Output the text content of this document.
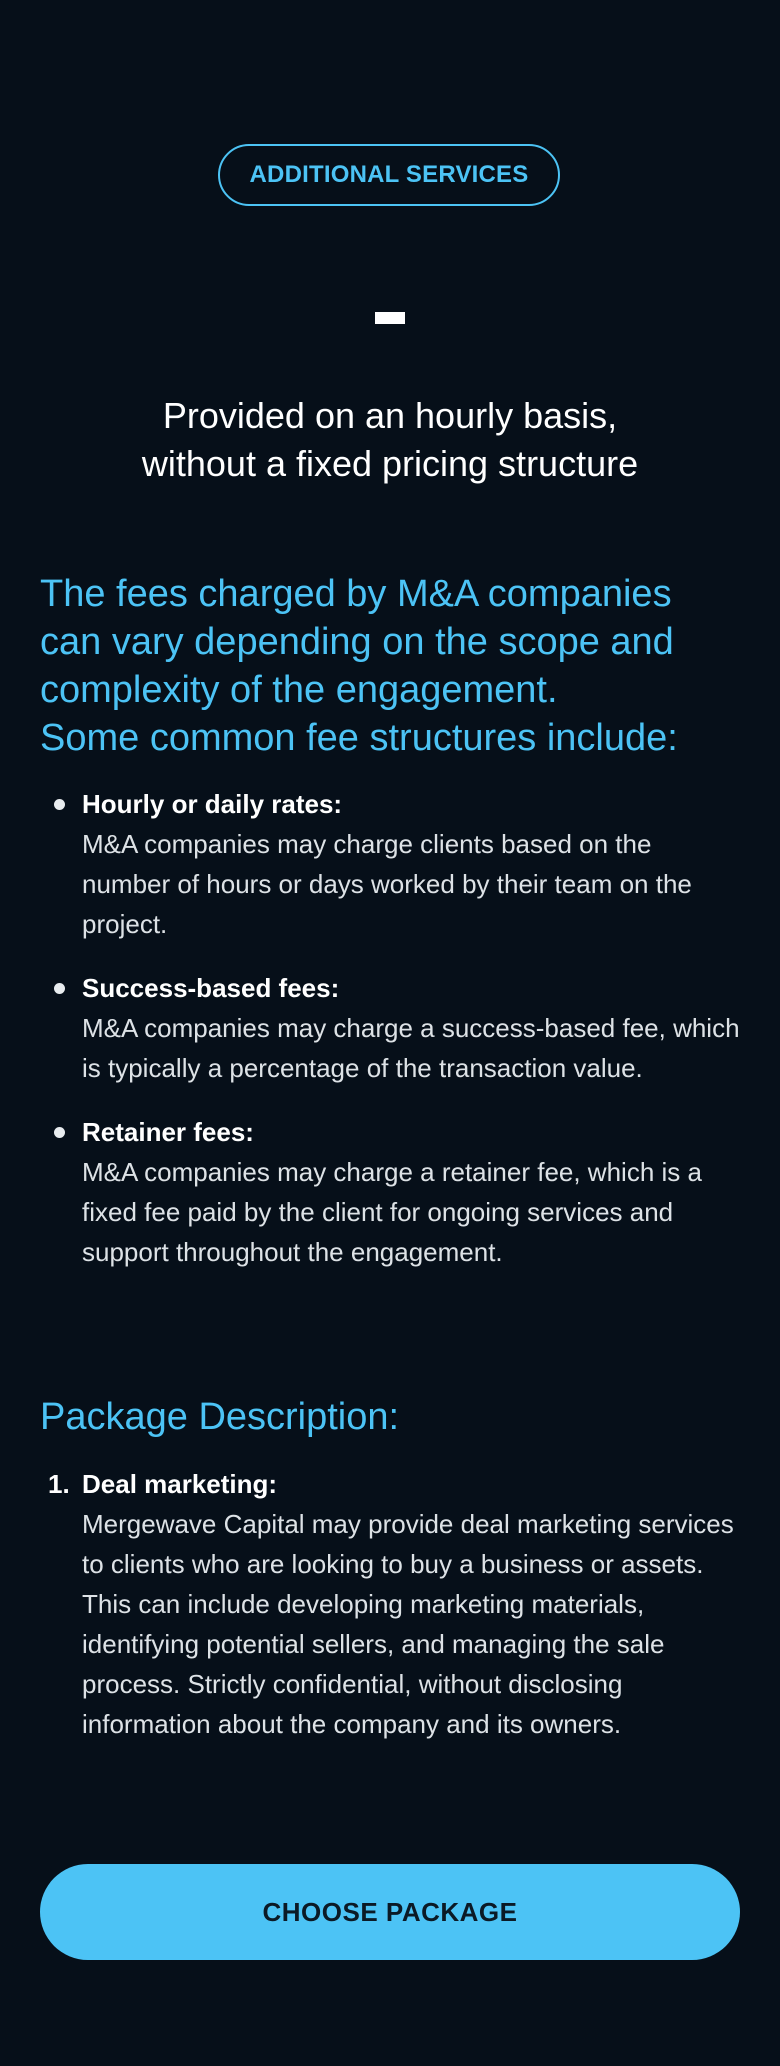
ADDITIONAL SERVICES
Provided on an hourly basis,
without a fixed pricing structure
The fees charged by M&A companies
can vary depending on the scope and
complexity of the engagement.
Some common fee structures include:
Hourly or daily rates:
M&A companies may charge clients based on the number of hours or days worked by their team on the project.
Success-based fees:
M&A companies may charge a success-based fee, which is typically a percentage of the transaction value.
Retainer fees:
M&A companies may charge a retainer fee, which is a fixed fee paid by the client for ongoing services and support throughout the engagement.
Package Description:
1. Deal marketing:
Mergewave Capital may provide deal marketing services to clients who are looking to buy a business or assets. This can include developing marketing materials, identifying potential sellers, and managing the sale process. Strictly confidential, without disclosing information about the company and its owners.
CHOOSE PACKAGE
